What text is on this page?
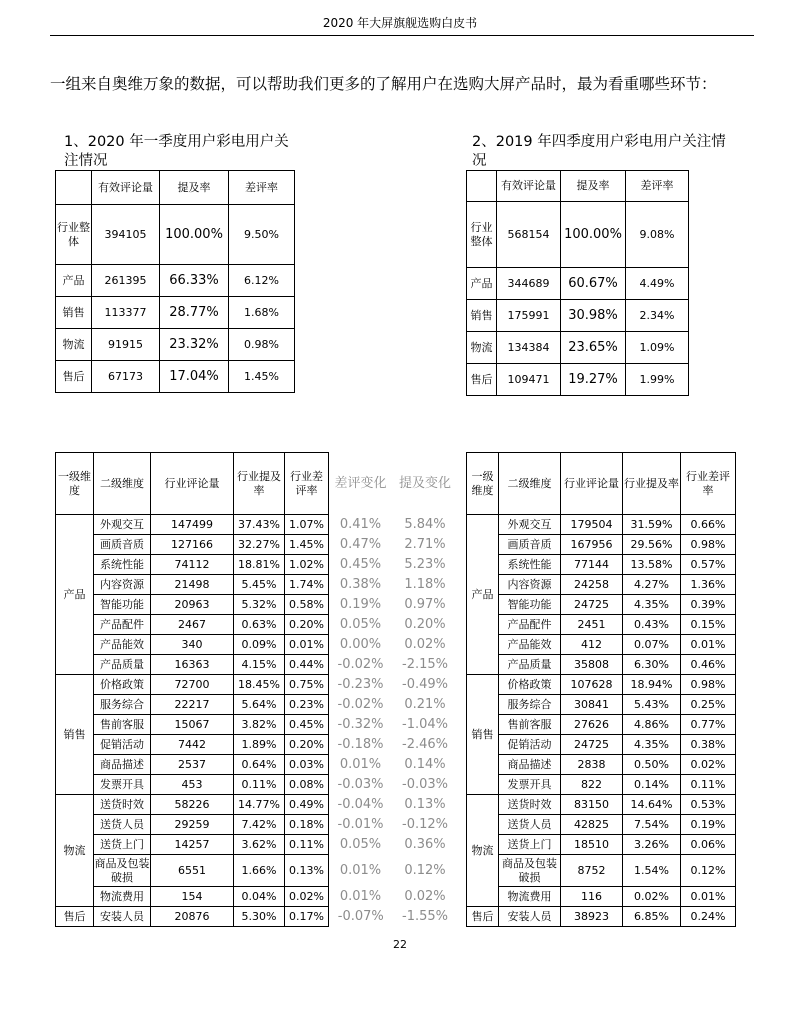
2020 年大屏旗舰选购白皮书
一组来自奥维万象的数据，可以帮助我们更多的了解用户在选购大屏产品时，最为看重哪些环节：
1、2020 年一季度用户彩电用户关注情况
2、2019 年四季度用户彩电用户关注情况
	有效评论量	提及率	差评率
行业整体	394105	100.00%	9.50%
产品	261395	66.33%	6.12%
销售	113377	28.77%	1.68%
物流	91915	23.32%	0.98%
售后	67173	17.04%	1.45%
	有效评论量	提及率	差评率
行业整体	568154	100.00%	9.08%
产品	344689	60.67%	4.49%
销售	175991	30.98%	2.34%
物流	134384	23.65%	1.09%
售后	109471	19.27%	1.99%
一级维度	二级维度	行业评论量	行业提及率	行业差评率	差评变化	提及变化
产品	外观交互	147499	37.43%	1.07%	0.41%	5.84%
	画质音质	127166	32.27%	1.45%	0.47%	2.71%
	系统性能	74112	18.81%	1.02%	0.45%	5.23%
	内容资源	21498	5.45%	1.74%	0.38%	1.18%
	智能功能	20963	5.32%	0.58%	0.19%	0.97%
	产品配件	2467	0.63%	0.20%	0.05%	0.20%
	产品能效	340	0.09%	0.01%	0.00%	0.02%
	产品质量	16363	4.15%	0.44%	-0.02%	-2.15%
销售	价格政策	72700	18.45%	0.75%	-0.23%	-0.49%
	服务综合	22217	5.64%	0.23%	-0.02%	0.21%
	售前客服	15067	3.82%	0.45%	-0.32%	-1.04%
	促销活动	7442	1.89%	0.20%	-0.18%	-2.46%
	商品描述	2537	0.64%	0.03%	0.01%	0.14%
	发票开具	453	0.11%	0.08%	-0.03%	-0.03%
物流	送货时效	58226	14.77%	0.49%	-0.04%	0.13%
	送货人员	29259	7.42%	0.18%	-0.01%	-0.12%
	送货上门	14257	3.62%	0.11%	0.05%	0.36%
	商品及包装破损	6551	1.66%	0.13%	0.01%	0.12%
	物流费用	154	0.04%	0.02%	0.01%	0.02%
售后	安装人员	20876	5.30%	0.17%	-0.07%	-1.55%
一级维度	二级维度	行业评论量	行业提及率	行业差评率
产品	外观交互	179504	31.59%	0.66%
	画质音质	167956	29.56%	0.98%
	系统性能	77144	13.58%	0.57%
	内容资源	24258	4.27%	1.36%
	智能功能	24725	4.35%	0.39%
	产品配件	2451	0.43%	0.15%
	产品能效	412	0.07%	0.01%
	产品质量	35808	6.30%	0.46%
销售	价格政策	107628	18.94%	0.98%
	服务综合	30841	5.43%	0.25%
	售前客服	27626	4.86%	0.77%
	促销活动	24725	4.35%	0.38%
	商品描述	2838	0.50%	0.02%
	发票开具	822	0.14%	0.11%
物流	送货时效	83150	14.64%	0.53%
	送货人员	42825	7.54%	0.19%
	送货上门	18510	3.26%	0.06%
	商品及包装破损	8752	1.54%	0.12%
	物流费用	116	0.02%	0.01%
售后	安装人员	38923	6.85%	0.24%
22
